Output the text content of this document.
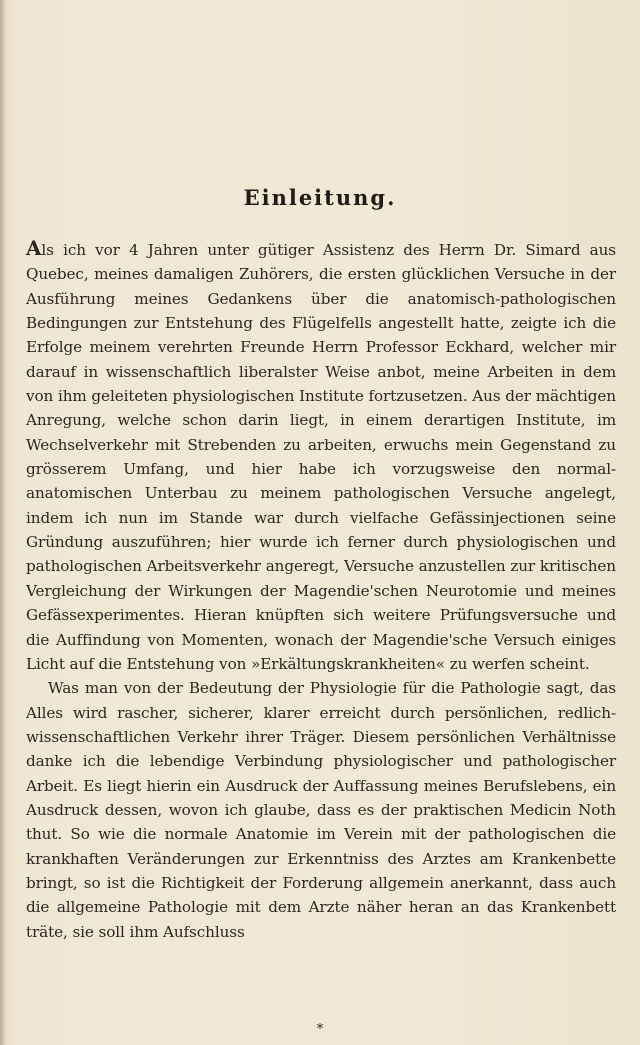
Einleitung.

Als ich vor 4 Jahren unter gütiger Assistenz des Herrn Dr. Simard aus Quebec, meines damaligen Zuhörers, die ersten glücklichen Versuche in der Ausführung meines Gedankens über die anatomisch-pathologischen Bedingungen zur Entstehung des Flügelfells angestellt hatte, zeigte ich die Erfolge meinem verehrten Freunde Herrn Professor Eckhard, welcher mir darauf in wissenschaftlich liberalster Weise anbot, meine Arbeiten in dem von ihm geleiteten physiologischen Institute fortzusetzen. Aus der mächtigen Anregung, welche schon darin liegt, in einem derartigen Institute, im Wechselverkehr mit Strebenden zu arbeiten, erwuchs mein Gegenstand zu grösserem Umfang, und hier habe ich vorzugsweise den normal-anatomischen Unterbau zu meinem pathologischen Versuche angelegt, indem ich nun im Stande war durch vielfache Gefässinjectionen seine Gründung auszuführen; hier wurde ich ferner durch physiologischen und pathologischen Arbeitsverkehr angeregt, Versuche anzustellen zur kritischen Vergleichung der Wirkungen der Magendie'schen Neurotomie und meines Gefässexperimentes. Hieran knüpften sich weitere Prüfungsversuche und die Auffindung von Momenten, wonach der Magendie'sche Versuch einiges Licht auf die Entstehung von »Erkältungskrankheiten« zu werfen scheint.

Was man von der Bedeutung der Physiologie für die Pathologie sagt, das Alles wird rascher, sicherer, klarer erreicht durch persönlichen, redlich-wissenschaftlichen Verkehr ihrer Träger. Diesem persönlichen Verhältnisse danke ich die lebendige Verbindung physiologischer und pathologischer Arbeit. Es liegt hierin ein Ausdruck der Auffassung meines Berufslebens, ein Ausdruck dessen, wovon ich glaube, dass es der praktischen Medicin Noth thut. So wie die normale Anatomie im Verein mit der pathologischen die krankhaften Veränderungen zur Erkenntniss des Arztes am Krankenbette bringt, so ist die Richtigkeit der Forderung allgemein anerkannt, dass auch die allgemeine Pathologie mit dem Arzte näher heran an das Krankenbett träte, sie soll ihm Aufschluss

*
